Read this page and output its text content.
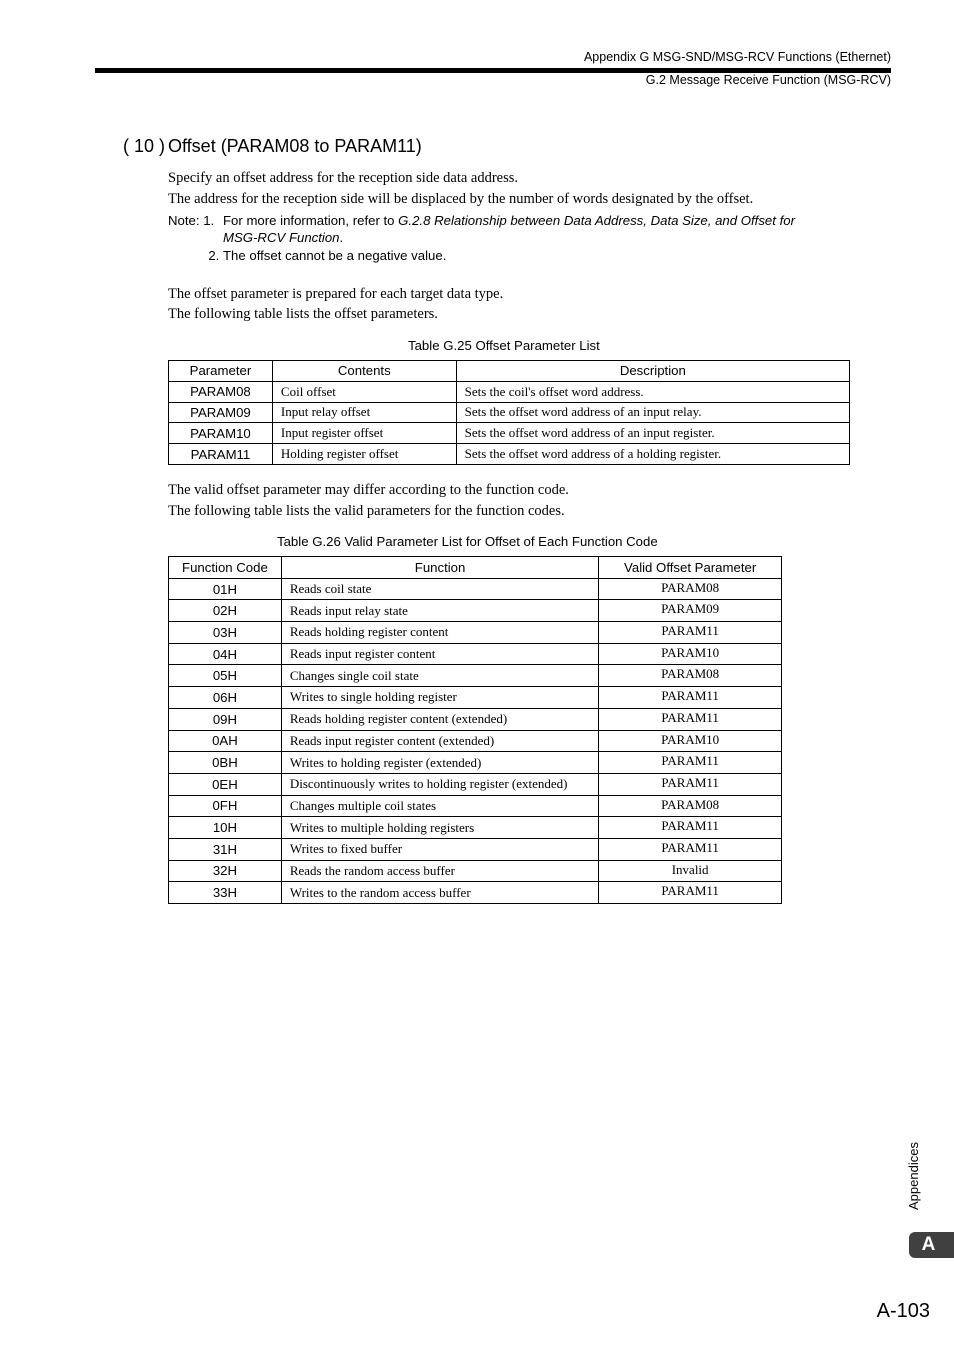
Appendix G MSG-SND/MSG-RCV Functions (Ethernet)
G.2 Message Receive Function (MSG-RCV)
( 10 ) Offset (PARAM08 to PARAM11)
Specify an offset address for the reception side data address.
The address for the reception side will be displaced by the number of words designated by the offset.
Note: 1. For more information, refer to G.2.8 Relationship between Data Address, Data Size, and Offset for MSG-RCV Function.
2. The offset cannot be a negative value.
The offset parameter is prepared for each target data type.
The following table lists the offset parameters.
Table G.25 Offset Parameter List
Parameter	Contents	Description
PARAM08	Coil offset	Sets the coil's offset word address.
PARAM09	Input relay offset	Sets the offset word address of an input relay.
PARAM10	Input register offset	Sets the offset word address of an input register.
PARAM11	Holding register offset	Sets the offset word address of a holding register.
The valid offset parameter may differ according to the function code.
The following table lists the valid parameters for the function codes.
Table G.26 Valid Parameter List for Offset of Each Function Code
Function Code	Function	Valid Offset Parameter
01H	Reads coil state	PARAM08
02H	Reads input relay state	PARAM09
03H	Reads holding register content	PARAM11
04H	Reads input register content	PARAM10
05H	Changes single coil state	PARAM08
06H	Writes to single holding register	PARAM11
09H	Reads holding register content (extended)	PARAM11
0AH	Reads input register content (extended)	PARAM10
0BH	Writes to holding register (extended)	PARAM11
0EH	Discontinuously writes to holding register (extended)	PARAM11
0FH	Changes multiple coil states	PARAM08
10H	Writes to multiple holding registers	PARAM11
31H	Writes to fixed buffer	PARAM11
32H	Reads the random access buffer	Invalid
33H	Writes to the random access buffer	PARAM11
Appendices
A
A-103
